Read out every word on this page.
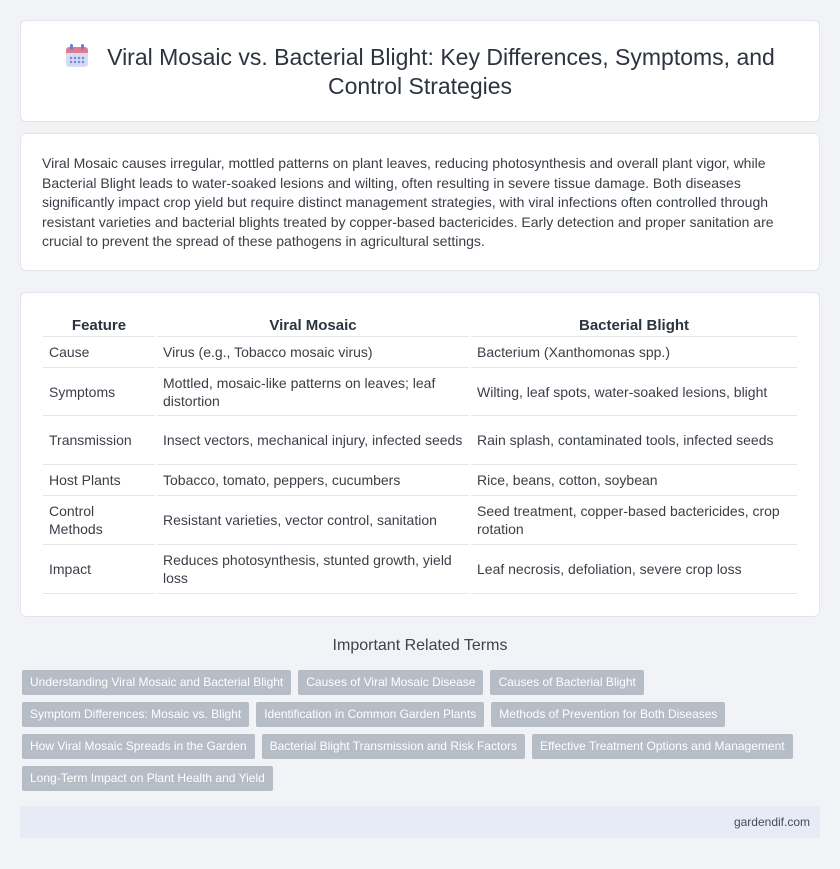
Viral Mosaic vs. Bacterial Blight: Key Differences, Symptoms, and Control Strategies

Viral Mosaic causes irregular, mottled patterns on plant leaves, reducing photosynthesis and overall plant vigor, while Bacterial Blight leads to water-soaked lesions and wilting, often resulting in severe tissue damage. Both diseases significantly impact crop yield but require distinct management strategies, with viral infections often controlled through resistant varieties and bacterial blights treated by copper-based bactericides. Early detection and proper sanitation are crucial to prevent the spread of these pathogens in agricultural settings.

Feature	Viral Mosaic	Bacterial Blight
Cause	Virus (e.g., Tobacco mosaic virus)	Bacterium (Xanthomonas spp.)
Symptoms	Mottled, mosaic-like patterns on leaves; leaf distortion	Wilting, leaf spots, water-soaked lesions, blight
Transmission	Insect vectors, mechanical injury, infected seeds	Rain splash, contaminated tools, infected seeds
Host Plants	Tobacco, tomato, peppers, cucumbers	Rice, beans, cotton, soybean
Control Methods	Resistant varieties, vector control, sanitation	Seed treatment, copper-based bactericides, crop rotation
Impact	Reduces photosynthesis, stunted growth, yield loss	Leaf necrosis, defoliation, severe crop loss
Important Related Terms
Understanding Viral Mosaic and Bacterial Blight	Causes of Viral Mosaic Disease	Causes of Bacterial Blight
Symptom Differences: Mosaic vs. Blight	Identification in Common Garden Plants	Methods of Prevention for Both Diseases
How Viral Mosaic Spreads in the Garden	Bacterial Blight Transmission and Risk Factors	Effective Treatment Options and Management
Long-Term Impact on Plant Health and Yield
gardendif.com
